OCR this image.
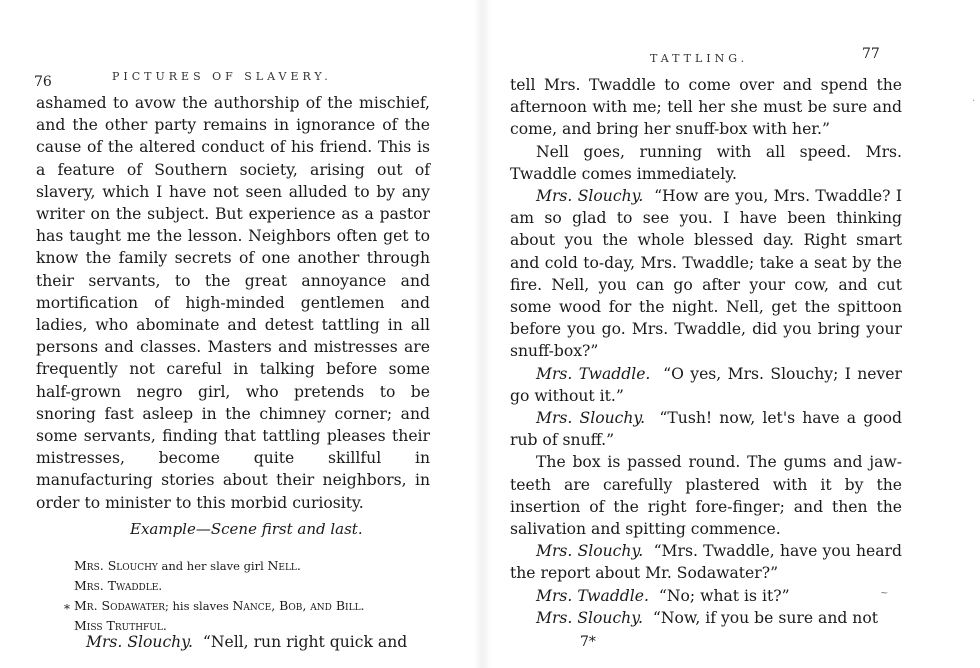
76	PICTURES OF SLAVERY.

ashamed to avow the authorship of the mischief, and the other party remains in ignorance of the cause of the altered conduct of his friend. This is a feature of Southern society, arising out of slavery, which I have not seen alluded to by any writer on the subject. But experience as a pastor has taught me the lesson. Neighbors often get to know the family secrets of one another through their servants, to the great annoyance and mortification of high-minded gentlemen and ladies, who abominate and detest tattling in all persons and classes. Masters and mistresses are frequently not careful in talking before some half-grown negro girl, who pretends to be snoring fast asleep in the chimney corner; and some servants, finding that tattling pleases their mistresses, become quite skillful in manufacturing stories about their neighbors, in order to minister to this morbid curiosity.

Example—Scene first and last.
Mrs. Slouchy and her slave girl Nell.
Mrs. Twaddle.
Mr. Sodawater; his slaves Nance, Bob, and Bill.
Miss Truthful.
*
Mrs. Slouchy. “Nell, run right quick and
TATTLING.	77

tell Mrs. Twaddle to come over and spend the afternoon with me; tell her she must be sure and come, and bring her snuff-box with her.”

Nell goes, running with all speed. Mrs. Twaddle comes immediately.

Mrs. Slouchy. “How are you, Mrs. Twaddle? I am so glad to see you. I have been thinking about you the whole blessed day. Right smart and cold to-day, Mrs. Twaddle; take a seat by the fire. Nell, you can go after your cow, and cut some wood for the night. Nell, get the spittoon before you go. Mrs. Twaddle, did you bring your snuff-box?”

Mrs. Twaddle. “O yes, Mrs. Slouchy; I never go without it.”

Mrs. Slouchy. “Tush! now, let's have a good rub of snuff.”

The box is passed round. The gums and jaw-teeth are carefully plastered with it by the insertion of the right fore-finger; and then the salivation and spitting commence.

Mrs. Slouchy. “Mrs. Twaddle, have you heard the report about Mr. Sodawater?”

Mrs. Twaddle. “No; what is it?”

Mrs. Slouchy. “Now, if you be sure and not

·
~
7*
